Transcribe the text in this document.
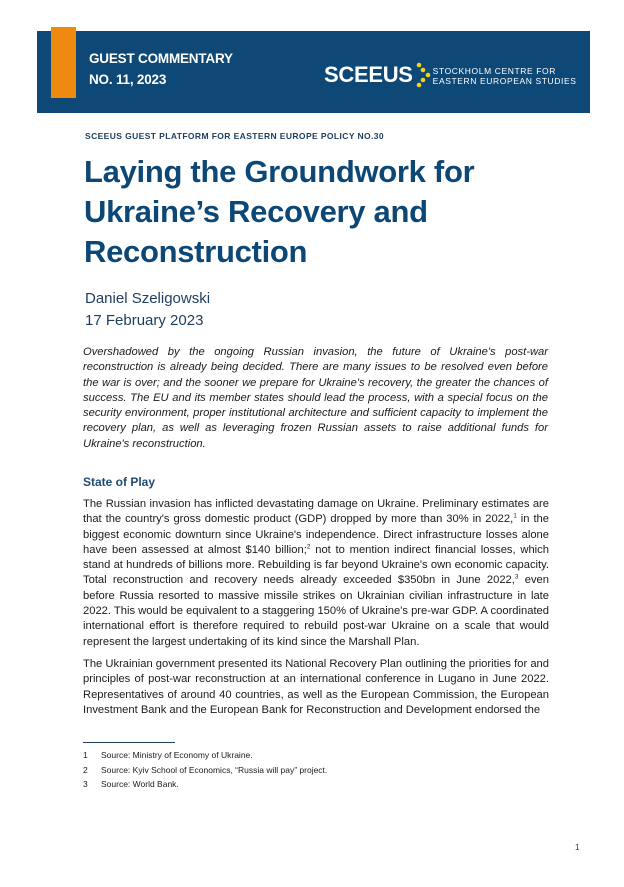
GUEST COMMENTARY
NO. 11, 2023	SCEEUS STOCKHOLM CENTRE FOR
EASTERN EUROPEAN STUDIES
SCEEUS GUEST PLATFORM FOR EASTERN EUROPE POLICY NO.30
Laying the Groundwork for
Ukraine’s Recovery and
Reconstruction
Daniel Szeligowski
17 February 2023

Overshadowed by the ongoing Russian invasion, the future of Ukraine's post-war reconstruction is already being decided. There are many issues to be resolved even before the war is over; and the sooner we prepare for Ukraine's recovery, the greater the chances of success. The EU and its member states should lead the process, with a special focus on the security environment, proper institutional architecture and sufficient capacity to implement the recovery plan, as well as leveraging frozen Russian assets to raise additional funds for Ukraine's reconstruction.

State of Play

The Russian invasion has inflicted devastating damage on Ukraine. Preliminary estimates are that the country's gross domestic product (GDP) dropped by more than 30% in 2022,$^1$ in the biggest economic downturn since Ukraine's independence. Direct infrastructure losses alone have been assessed at almost $140 billion;$^2$ not to mention indirect financial losses, which stand at hundreds of billions more. Rebuilding is far beyond Ukraine's own economic capacity. Total reconstruction and recovery needs already exceeded $350bn in June 2022,$^3$ even before Russia resorted to massive missile strikes on Ukrainian civilian infrastructure in late 2022. This would be equivalent to a staggering 150% of Ukraine's pre-war GDP. A coordinated international effort is therefore required to rebuild post-war Ukraine on a scale that would represent the largest undertaking of its kind since the Marshall Plan.

The Ukrainian government presented its National Recovery Plan outlining the priorities for and principles of post-war reconstruction at an international conference in Lugano in June 2022. Representatives of around 40 countries, as well as the European Commission, the European Investment Bank and the European Bank for Reconstruction and Development endorsed the

1	Source: Ministry of Economy of Ukraine.
2	Source: Kyiv School of Economics, “Russia will pay” project.
3	Source: World Bank.
1
